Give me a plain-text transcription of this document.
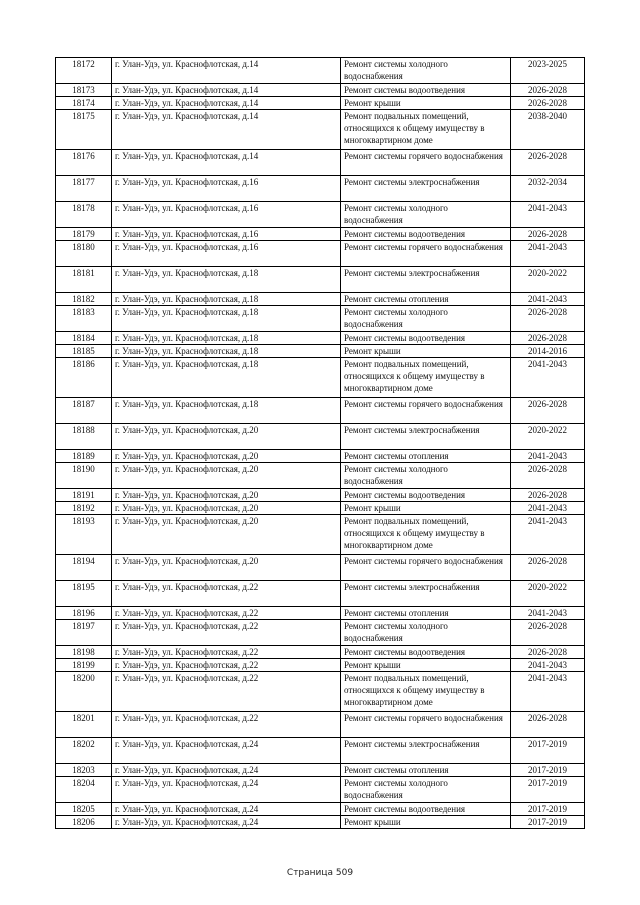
18172	г. Улан-Удэ, ул. Краснофлотская, д.14	Ремонт системы холодного водоснабжения	2023-2025
18173	г. Улан-Удэ, ул. Краснофлотская, д.14	Ремонт системы водоотведения	2026-2028
18174	г. Улан-Удэ, ул. Краснофлотская, д.14	Ремонт крыши	2026-2028
18175	г. Улан-Удэ, ул. Краснофлотская, д.14	Ремонт подвальных помещений, относящихся к общему имуществу в многоквартирном доме	2038-2040
18176	г. Улан-Удэ, ул. Краснофлотская, д.14	Ремонт системы горячего водоснабжения	2026-2028
18177	г. Улан-Удэ, ул. Краснофлотская, д.16	Ремонт системы электроснабжения	2032-2034
18178	г. Улан-Удэ, ул. Краснофлотская, д.16	Ремонт системы холодного водоснабжения	2041-2043
18179	г. Улан-Удэ, ул. Краснофлотская, д.16	Ремонт системы водоотведения	2026-2028
18180	г. Улан-Удэ, ул. Краснофлотская, д.16	Ремонт системы горячего водоснабжения	2041-2043
18181	г. Улан-Удэ, ул. Краснофлотская, д.18	Ремонт системы электроснабжения	2020-2022
18182	г. Улан-Удэ, ул. Краснофлотская, д.18	Ремонт системы отопления	2041-2043
18183	г. Улан-Удэ, ул. Краснофлотская, д.18	Ремонт системы холодного водоснабжения	2026-2028
18184	г. Улан-Удэ, ул. Краснофлотская, д.18	Ремонт системы водоотведения	2026-2028
18185	г. Улан-Удэ, ул. Краснофлотская, д.18	Ремонт крыши	2014-2016
18186	г. Улан-Удэ, ул. Краснофлотская, д.18	Ремонт подвальных помещений, относящихся к общему имуществу в многоквартирном доме	2041-2043
18187	г. Улан-Удэ, ул. Краснофлотская, д.18	Ремонт системы горячего водоснабжения	2026-2028
18188	г. Улан-Удэ, ул. Краснофлотская, д.20	Ремонт системы электроснабжения	2020-2022
18189	г. Улан-Удэ, ул. Краснофлотская, д.20	Ремонт системы отопления	2041-2043
18190	г. Улан-Удэ, ул. Краснофлотская, д.20	Ремонт системы холодного водоснабжения	2026-2028
18191	г. Улан-Удэ, ул. Краснофлотская, д.20	Ремонт системы водоотведения	2026-2028
18192	г. Улан-Удэ, ул. Краснофлотская, д.20	Ремонт крыши	2041-2043
18193	г. Улан-Удэ, ул. Краснофлотская, д.20	Ремонт подвальных помещений, относящихся к общему имуществу в многоквартирном доме	2041-2043
18194	г. Улан-Удэ, ул. Краснофлотская, д.20	Ремонт системы горячего водоснабжения	2026-2028
18195	г. Улан-Удэ, ул. Краснофлотская, д.22	Ремонт системы электроснабжения	2020-2022
18196	г. Улан-Удэ, ул. Краснофлотская, д.22	Ремонт системы отопления	2041-2043
18197	г. Улан-Удэ, ул. Краснофлотская, д.22	Ремонт системы холодного водоснабжения	2026-2028
18198	г. Улан-Удэ, ул. Краснофлотская, д.22	Ремонт системы водоотведения	2026-2028
18199	г. Улан-Удэ, ул. Краснофлотская, д.22	Ремонт крыши	2041-2043
18200	г. Улан-Удэ, ул. Краснофлотская, д.22	Ремонт подвальных помещений, относящихся к общему имуществу в многоквартирном доме	2041-2043
18201	г. Улан-Удэ, ул. Краснофлотская, д.22	Ремонт системы горячего водоснабжения	2026-2028
18202	г. Улан-Удэ, ул. Краснофлотская, д.24	Ремонт системы электроснабжения	2017-2019
18203	г. Улан-Удэ, ул. Краснофлотская, д.24	Ремонт системы отопления	2017-2019
18204	г. Улан-Удэ, ул. Краснофлотская, д.24	Ремонт системы холодного водоснабжения	2017-2019
18205	г. Улан-Удэ, ул. Краснофлотская, д.24	Ремонт системы водоотведения	2017-2019
18206	г. Улан-Удэ, ул. Краснофлотская, д.24	Ремонт крыши	2017-2019
Страница 509
